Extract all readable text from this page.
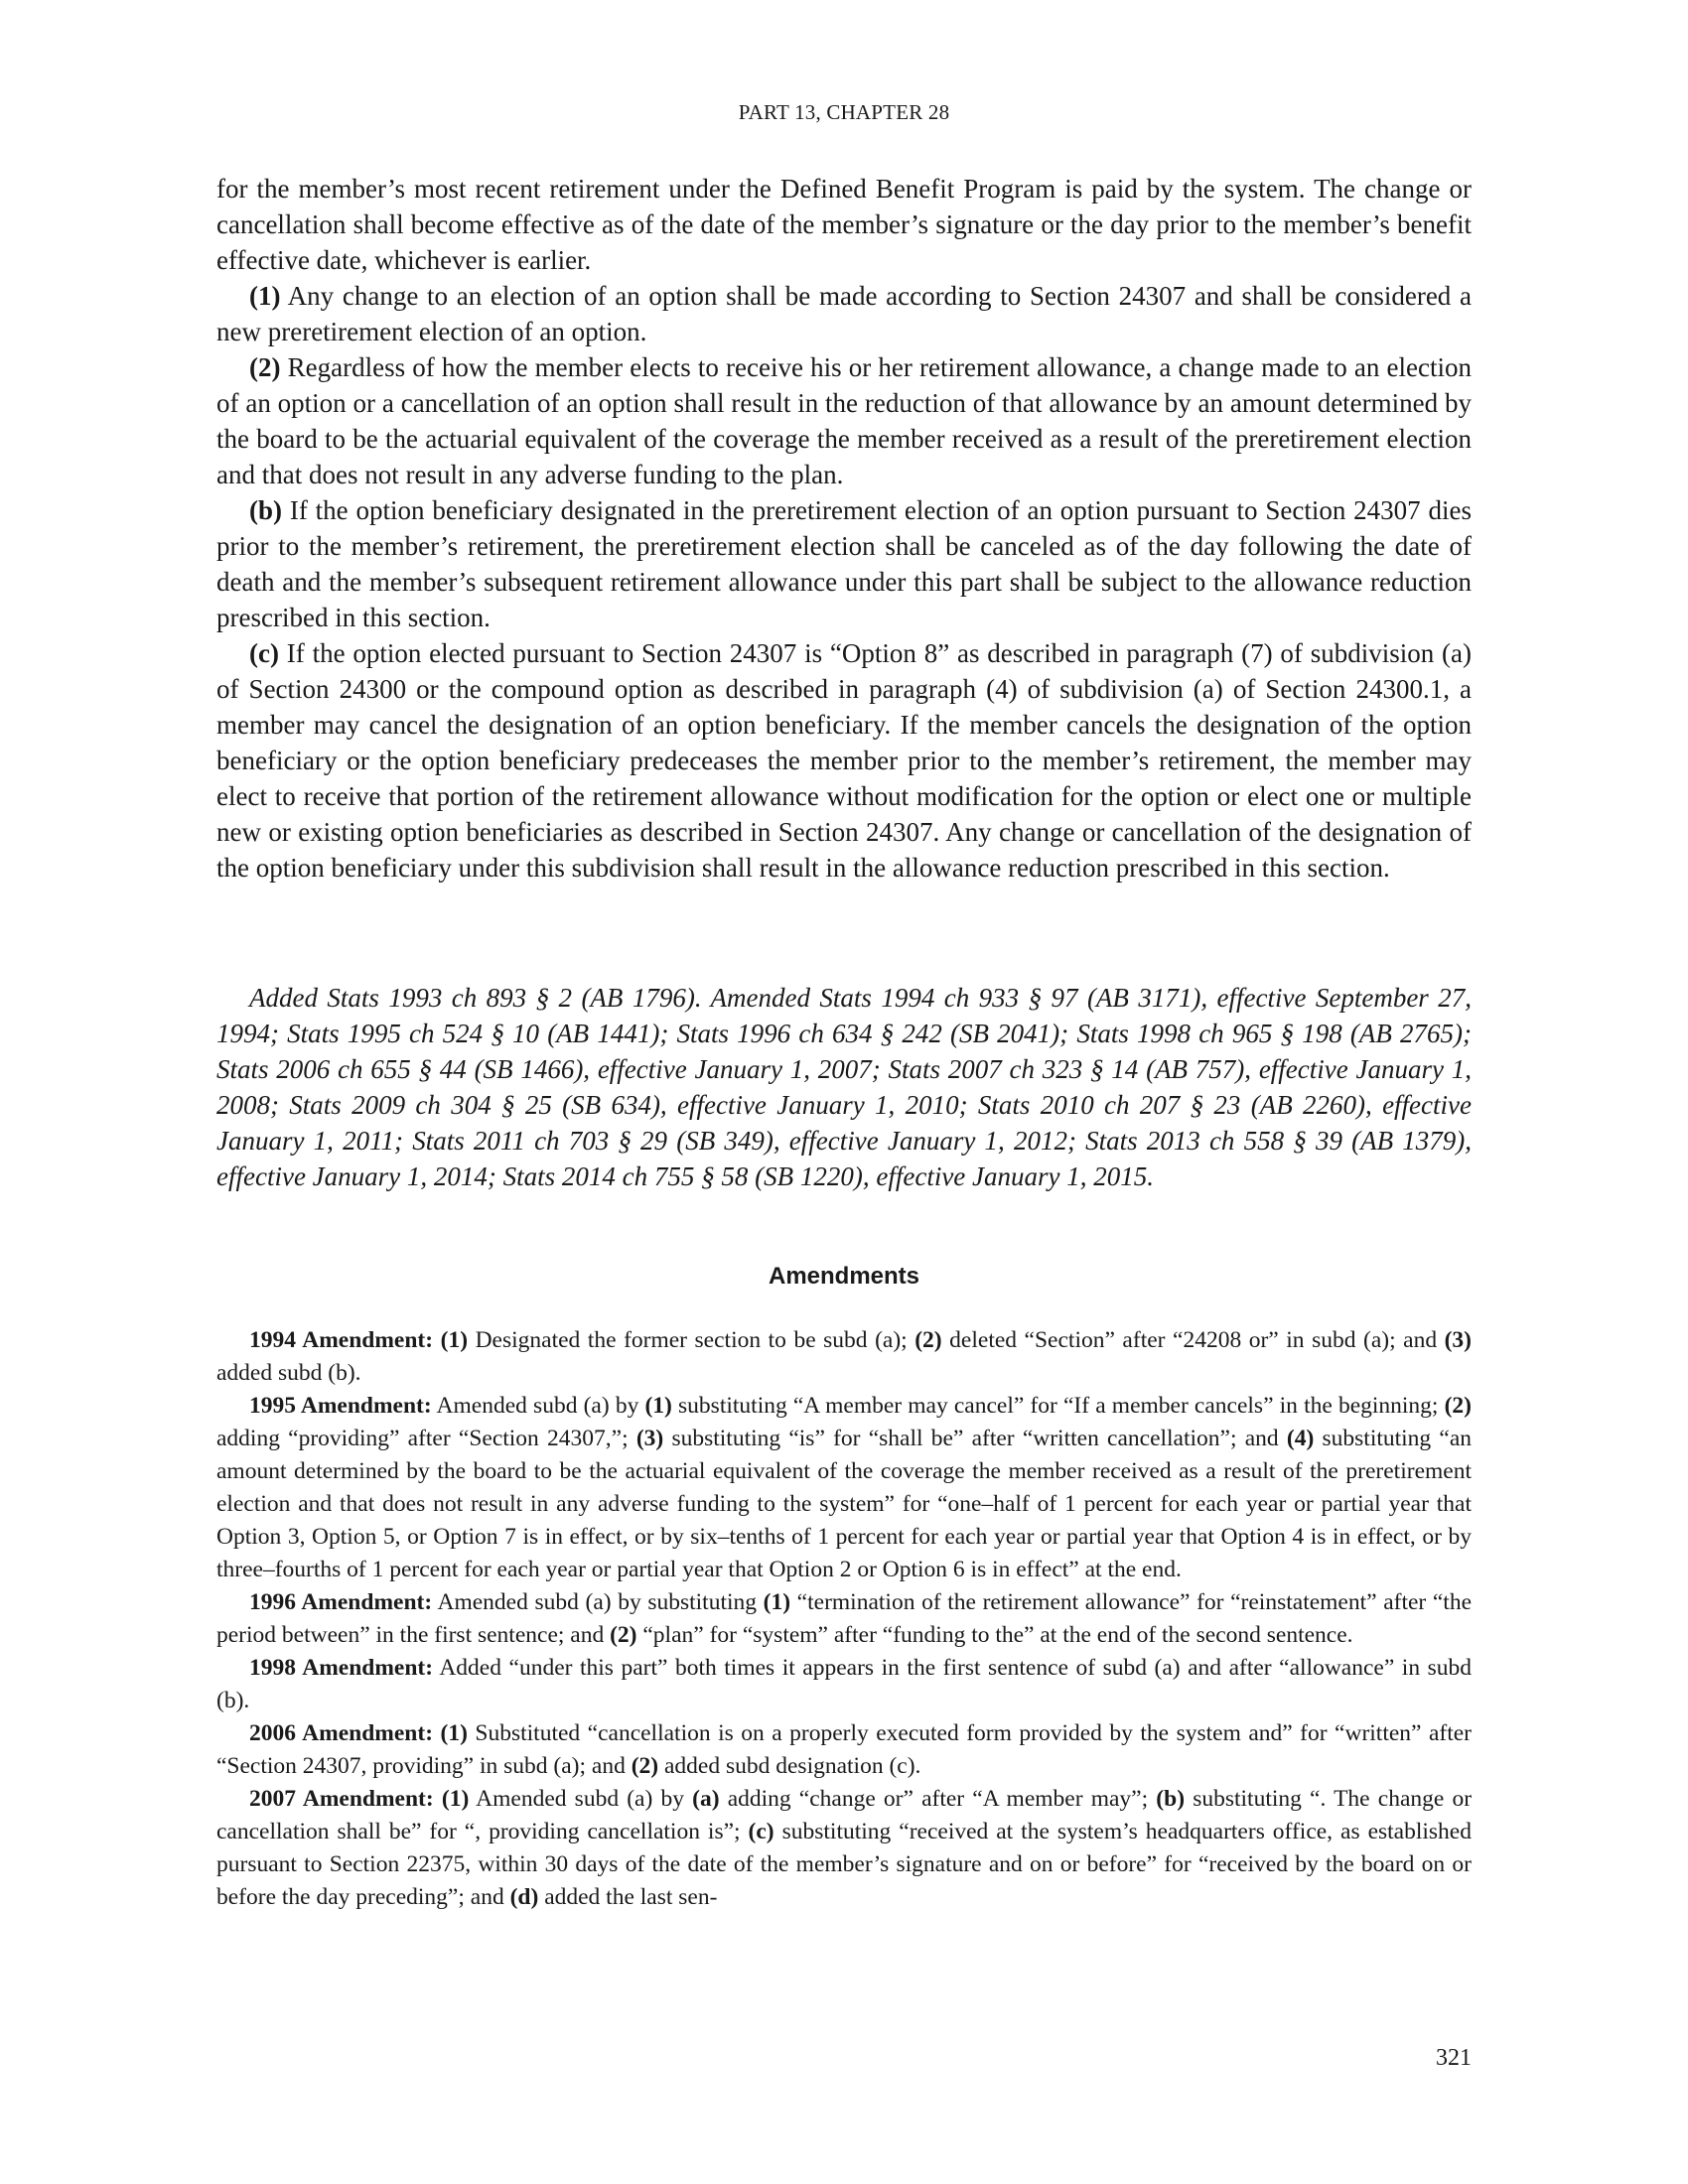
PART 13, CHAPTER 28

for the member’s most recent retirement under the Defined Benefit Program is paid by the system. The change or cancellation shall become effective as of the date of the member’s signature or the day prior to the member’s benefit effective date, whichever is earlier.

(1) Any change to an election of an option shall be made according to Section 24307 and shall be considered a new preretirement election of an option.

(2) Regardless of how the member elects to receive his or her retirement allowance, a change made to an election of an option or a cancellation of an option shall result in the reduction of that allowance by an amount determined by the board to be the actuarial equivalent of the coverage the member received as a result of the preretirement election and that does not result in any adverse funding to the plan.

(b) If the option beneficiary designated in the preretirement election of an option pursuant to Section 24307 dies prior to the member’s retirement, the preretirement election shall be canceled as of the day following the date of death and the member’s subsequent retirement allowance under this part shall be subject to the allowance reduction prescribed in this section.

(c) If the option elected pursuant to Section 24307 is “Option 8” as described in paragraph (7) of subdivision (a) of Section 24300 or the compound option as described in paragraph (4) of subdivision (a) of Section 24300.1, a member may cancel the designation of an option beneficiary. If the member cancels the designation of the option beneficiary or the option beneficiary predeceases the member prior to the member’s retirement, the member may elect to receive that portion of the retirement allowance without modification for the option or elect one or multiple new or existing option beneficiaries as described in Section 24307. Any change or cancellation of the designation of the option beneficiary under this subdivision shall result in the allowance reduction prescribed in this section.

Added Stats 1993 ch 893 § 2 (AB 1796). Amended Stats 1994 ch 933 § 97 (AB 3171), effective September 27, 1994; Stats 1995 ch 524 § 10 (AB 1441); Stats 1996 ch 634 § 242 (SB 2041); Stats 1998 ch 965 § 198 (AB 2765); Stats 2006 ch 655 § 44 (SB 1466), effective January 1, 2007; Stats 2007 ch 323 § 14 (AB 757), effective January 1, 2008; Stats 2009 ch 304 § 25 (SB 634), effective January 1, 2010; Stats 2010 ch 207 § 23 (AB 2260), effective January 1, 2011; Stats 2011 ch 703 § 29 (SB 349), effective January 1, 2012; Stats 2013 ch 558 § 39 (AB 1379), effective January 1, 2014; Stats 2014 ch 755 § 58 (SB 1220), effective January 1, 2015.

Amendments

1994 Amendment: (1) Designated the former section to be subd (a); (2) deleted “Section” after “24208 or” in subd (a); and (3) added subd (b).

1995 Amendment: Amended subd (a) by (1) substituting “A member may cancel” for “If a member cancels” in the beginning; (2) adding “providing” after “Section 24307,”; (3) substituting “is” for “shall be” after “written cancellation”; and (4) substituting “an amount determined by the board to be the actuarial equivalent of the coverage the member received as a result of the preretirement election and that does not result in any adverse funding to the system” for “one–half of 1 percent for each year or partial year that Option 3, Option 5, or Option 7 is in effect, or by six–tenths of 1 percent for each year or partial year that Option 4 is in effect, or by three–fourths of 1 percent for each year or partial year that Option 2 or Option 6 is in effect” at the end.

1996 Amendment: Amended subd (a) by substituting (1) “termination of the retirement allowance” for “reinstatement” after “the period between” in the first sentence; and (2) “plan” for “system” after “funding to the” at the end of the second sentence.

1998 Amendment: Added “under this part” both times it appears in the first sentence of subd (a) and after “allowance” in subd (b).

2006 Amendment: (1) Substituted “cancellation is on a properly executed form provided by the system and” for “written” after “Section 24307, providing” in subd (a); and (2) added subd designation (c).

2007 Amendment: (1) Amended subd (a) by (a) adding “change or” after “A member may”; (b) substituting “. The change or cancellation shall be” for “, providing cancellation is”; (c) substituting “received at the system’s headquarters office, as established pursuant to Section 22375, within 30 days of the date of the member’s signature and on or before” for “received by the board on or before the day preceding”; and (d) added the last sen-

321
